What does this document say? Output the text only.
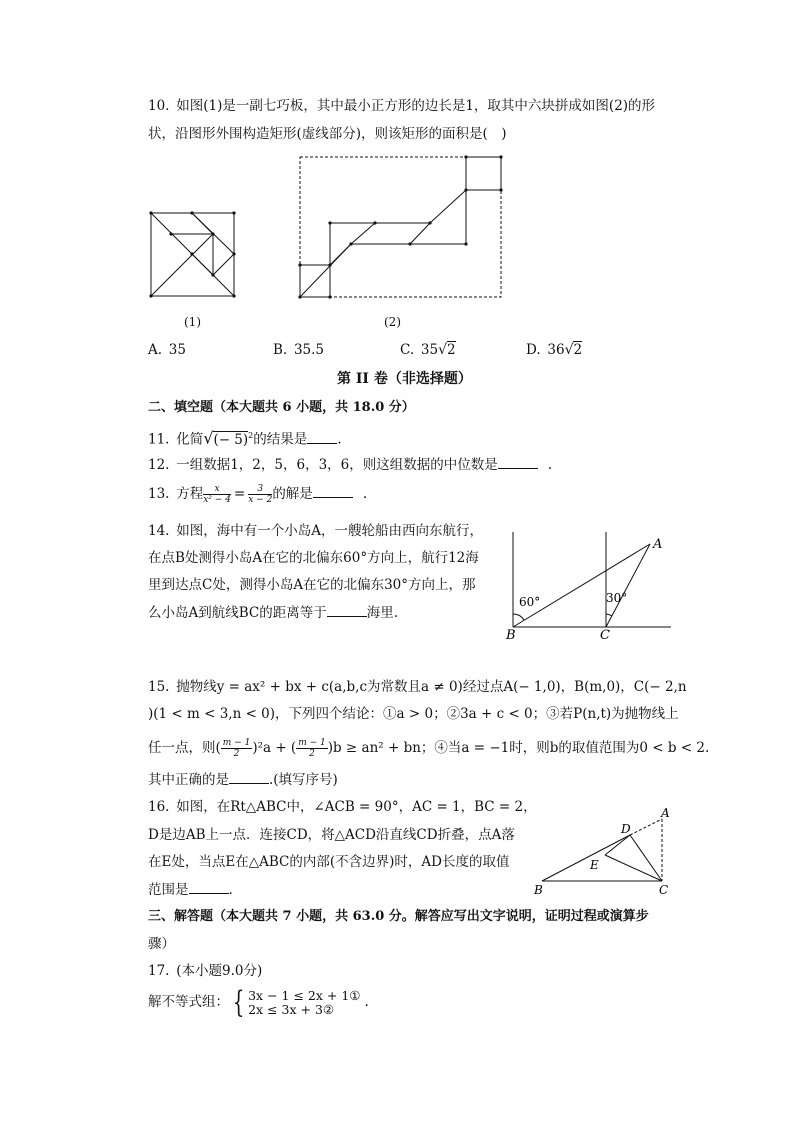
10. 如图(1)是一副七巧板，其中最小正方形的边长是1，取其中六块拼成如图(2)的形
状，沿图形外围构造矩形(虚线部分)，则该矩形的面积是( )
(1)	(2)
A. 35	B. 35.5	C. 35√2	D. 36√2
第 II 卷（非选择题）
二、填空题（本大题共 6 小题，共 18.0 分）
11. 化简√(− 5)$^2$的结果是 .
12. 一组数据1，2，5，6，3，6，则这组数据的中位数是	.
13. 方程 $\frac{x}{\text{x² − 4}} = \frac{3}{x - 2}$ 的解是	.
14. 如图，海中有一个小岛A，一艘轮船由西向东航行，
在点B处测得小岛A在它的北偏东60°方向上，航行12海
里到达点C处，测得小岛A在它的北偏东30°方向上，那
么小岛A到航线BC的距离等于	海里.
A
B	C
60°	30°
15. 抛物线y = ax² + bx + c(a,b,c为常数且a ≠ 0)经过点A(− 1,0)，B(m,0)，C(− 2,n
)(1 < m < 3,n < 0)，下列四个结论：①a > 0；②3a + c < 0；③若P(n,t)为抛物线上
任一点，则( $\frac{m - 1}{2} )^2a$ + ( $\frac{m - 1}{2} )b \ge an^2$ + bn；④当a = −1时，则b的取值范围为0 < b < 2.
其中正确的是	.(填写序号)
16. 如图，在Rt△ABC中，∠ACB = 90°，AC = 1，BC = 2，
D是边AB上一点．连接CD，将△ACD沿直线CD折叠，点A落
在E处，当点E在△ABC的内部(不含边界)时，AD长度的取值
范围是	.
A
B	C
D
E
三、解答题（本大题共 7 小题，共 63.0 分。解答应写出文字说明，证明过程或演算步
骤）
17. (本小题9.0分)
解不等式组： { 3x − 1 ≤ 2x + 1①
2x ≤ 3x + 3②	.
